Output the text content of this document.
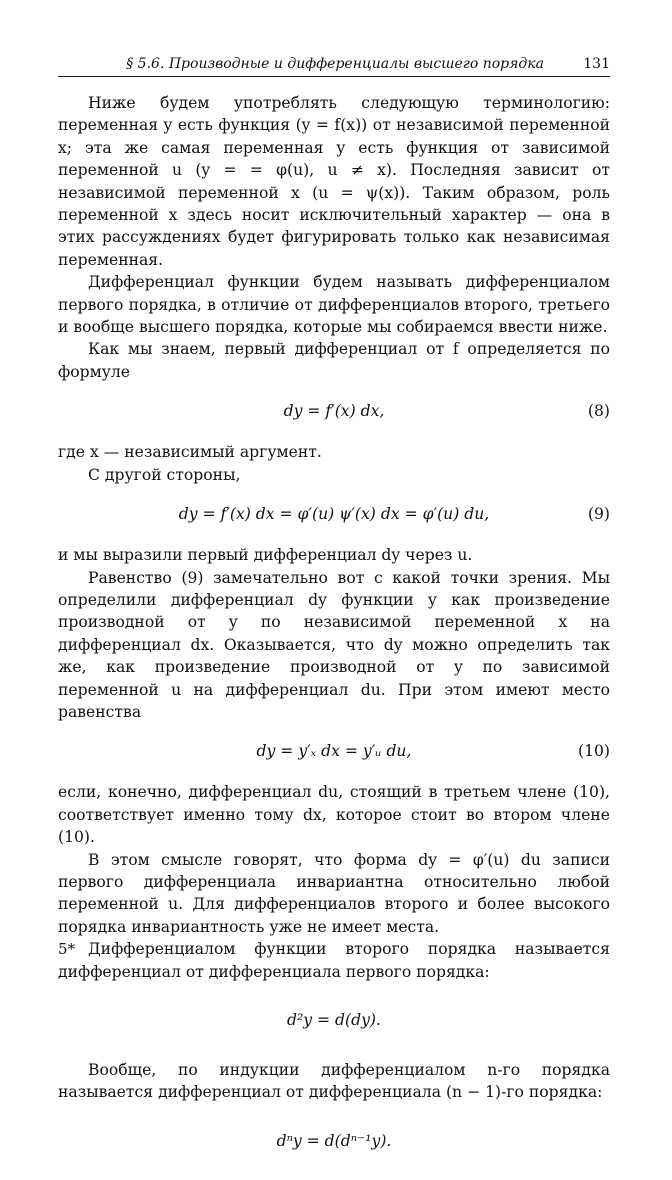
§ 5.6. Производные и дифференциалы высшего порядка	131

Ниже будем употреблять следующую терминологию: переменная y есть функция (y = f(x)) от независимой переменной x; эта же самая переменная y есть функция от зависимой переменной u (y = = φ(u), u ≠ x). Последняя зависит от независимой переменной x (u = ψ(x)). Таким образом, роль переменной x здесь носит исключительный характер — она в этих рассуждениях будет фигурировать только как независимая переменная.

Дифференциал функции будем называть дифференциалом первого порядка, в отличие от дифференциалов второго, третьего и вообще высшего порядка, которые мы собираемся ввести ниже.

Как мы знаем, первый дифференциал от f определяется по формуле

dy = f′(x) dx,	(8)

где x — независимый аргумент.

С другой стороны,

dy = f′(x) dx = φ′(u) ψ′(x) dx = φ′(u) du,	(9)

и мы выразили первый дифференциал dy через u.

Равенство (9) замечательно вот с какой точки зрения. Мы определили дифференциал dy функции y как произведение производной от y по независимой переменной x на дифференциал dx. Оказывается, что dy можно определить так же, как произведение производной от y по зависимой переменной u на дифференциал du. При этом имеют место равенства

dy = y′ₓ dx = y′ᵤ du,	(10)

если, конечно, дифференциал du, стоящий в третьем члене (10), соответствует именно тому dx, которое стоит во втором члене (10).

В этом смысле говорят, что форма dy = φ′(u) du записи первого дифференциала инвариантна относительно любой переменной u. Для дифференциалов второго и более высокого порядка инвариантность уже не имеет места.

Дифференциалом функции второго порядка называется дифференциал от дифференциала первого порядка:

d²y = d(dy).

Вообще, по индукции дифференциалом n-го порядка называется дифференциал от дифференциала (n − 1)-го порядка:

dⁿy = d(dⁿ⁻¹y).
5*
